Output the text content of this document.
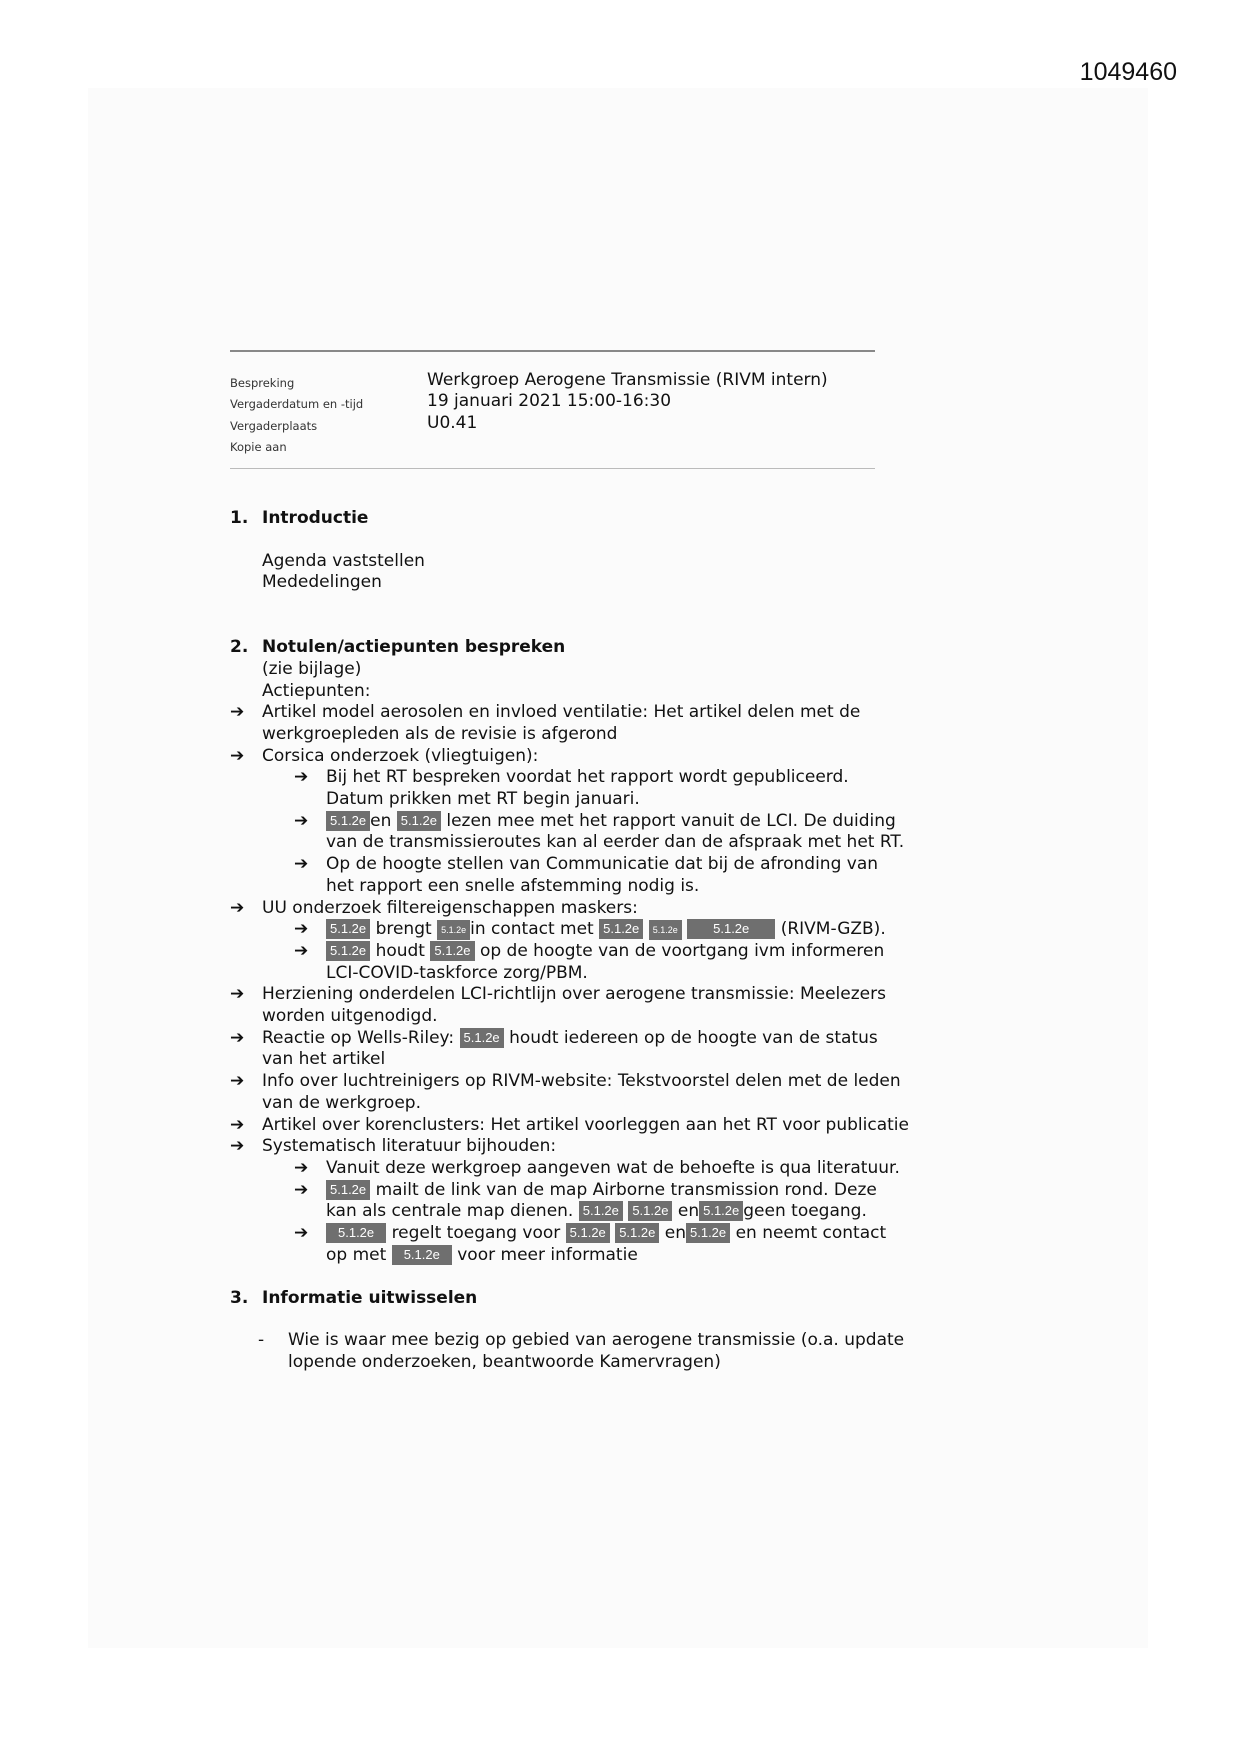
1049460
Bespreking	Werkgroep Aerogene Transmissie (RIVM intern)
Vergaderdatum en -tijd	19 januari 2021 15:00-16:30
Vergaderplaats	U0.41
Kopie aan
1. Introductie
Agenda vaststellen
Mededelingen
2. Notulen/actiepunten bespreken
(zie bijlage)
Actiepunten:
➔	Artikel model aerosolen en invloed ventilatie: Het artikel delen met de werkgroepleden als de revisie is afgerond
➔	Corsica onderzoek (vliegtuigen):
➔	Bij het RT bespreken voordat het rapport wordt gepubliceerd. Datum prikken met RT begin januari.
➔	5.1.2e en 5.1.2e lezen mee met het rapport vanuit de LCI. De duiding van de transmissieroutes kan al eerder dan de afspraak met het RT.
➔	Op de hoogte stellen van Communicatie dat bij de afronding van het rapport een snelle afstemming nodig is.
➔	UU onderzoek filtereigenschappen maskers:
➔	5.1.2e brengt 5.1.2e in contact met 5.1.2e 5.1.2e	5.1.2e (RIVM-GZB).
➔	5.1.2e houdt 5.1.2e op de hoogte van de voortgang ivm informeren LCI-COVID-taskforce zorg/PBM.
➔	Herziening onderdelen LCI-richtlijn over aerogene transmissie: Meelezers worden uitgenodigd.
➔	Reactie op Wells-Riley: 5.1.2e houdt iedereen op de hoogte van de status van het artikel
➔	Info over luchtreinigers op RIVM-website: Tekstvoorstel delen met de leden van de werkgroep.
➔	Artikel over korenclusters: Het artikel voorleggen aan het RT voor publicatie
➔	Systematisch literatuur bijhouden:
➔	Vanuit deze werkgroep aangeven wat de behoefte is qua literatuur.
➔	5.1.2e mailt de link van de map Airborne transmission rond. Deze kan als centrale map dienen. 5.1.2e 5.1.2e en 5.1.2e geen toegang.
➔	5.1.2e regelt toegang voor 5.1.2e 5.1.2e en 5.1.2e en neemt contact op met 5.1.2e voor meer informatie
3. Informatie uitwisselen
-	Wie is waar mee bezig op gebied van aerogene transmissie (o.a. update lopende onderzoeken, beantwoorde Kamervragen)
